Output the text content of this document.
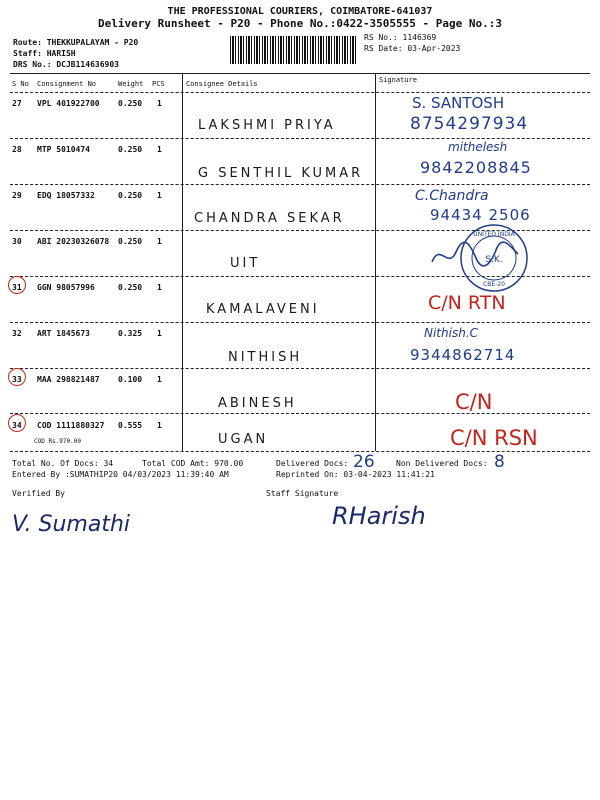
THE PROFESSIONAL COURIERS, COIMBATORE-641037
Delivery Runsheet - P20 - Phone No.:0422-3505555 - Page No.:3
Route: THEKKUPALAYAM - P20
Staff: HARISH
DRS No.: DCJB114636903
RS No.: 1146369
RS Date: 03-Apr-2023
S No Consignment No	Weight PCS	Consignee Details	Signature
27 VPL 401922700 0.250 1
LAKSHMI PRIYA
S. SANTOSH
8754297934
28 MTP 5010474	0.250 1
G SENTHIL KUMAR
mithelesh
9842208845
29 EDQ 18057332	0.250 1
CHANDRA SEKAR
C.Chandra
94434 2506
30 ABI 20230326078 0.250 1
UIT
UNITED INDIA
S.K.
CBE-20
31 GGN 98057996	0.250 1
KAMALAVENI	C/N RTN
32 ART 1845673	0.325 1
NITHISH
Nithish.C
9344862714
33 MAA 298821487 0.100 1
ABINESH	C/N
34 COD 1111880327 0.555 1
COD Rs.970.00	UGAN	C/N RSN
Total No. Of Docs: 34	Total COD Amt: 970.00	Delivered Docs: 26	Non Delivered Docs: 8
Entered By :SUMATHIP20 04/03/2023 11:39:40 AM	Reprinted On: 03-04-2023 11:41:21
Verified By	Staff Signature
V. Sumathi	RHarish
